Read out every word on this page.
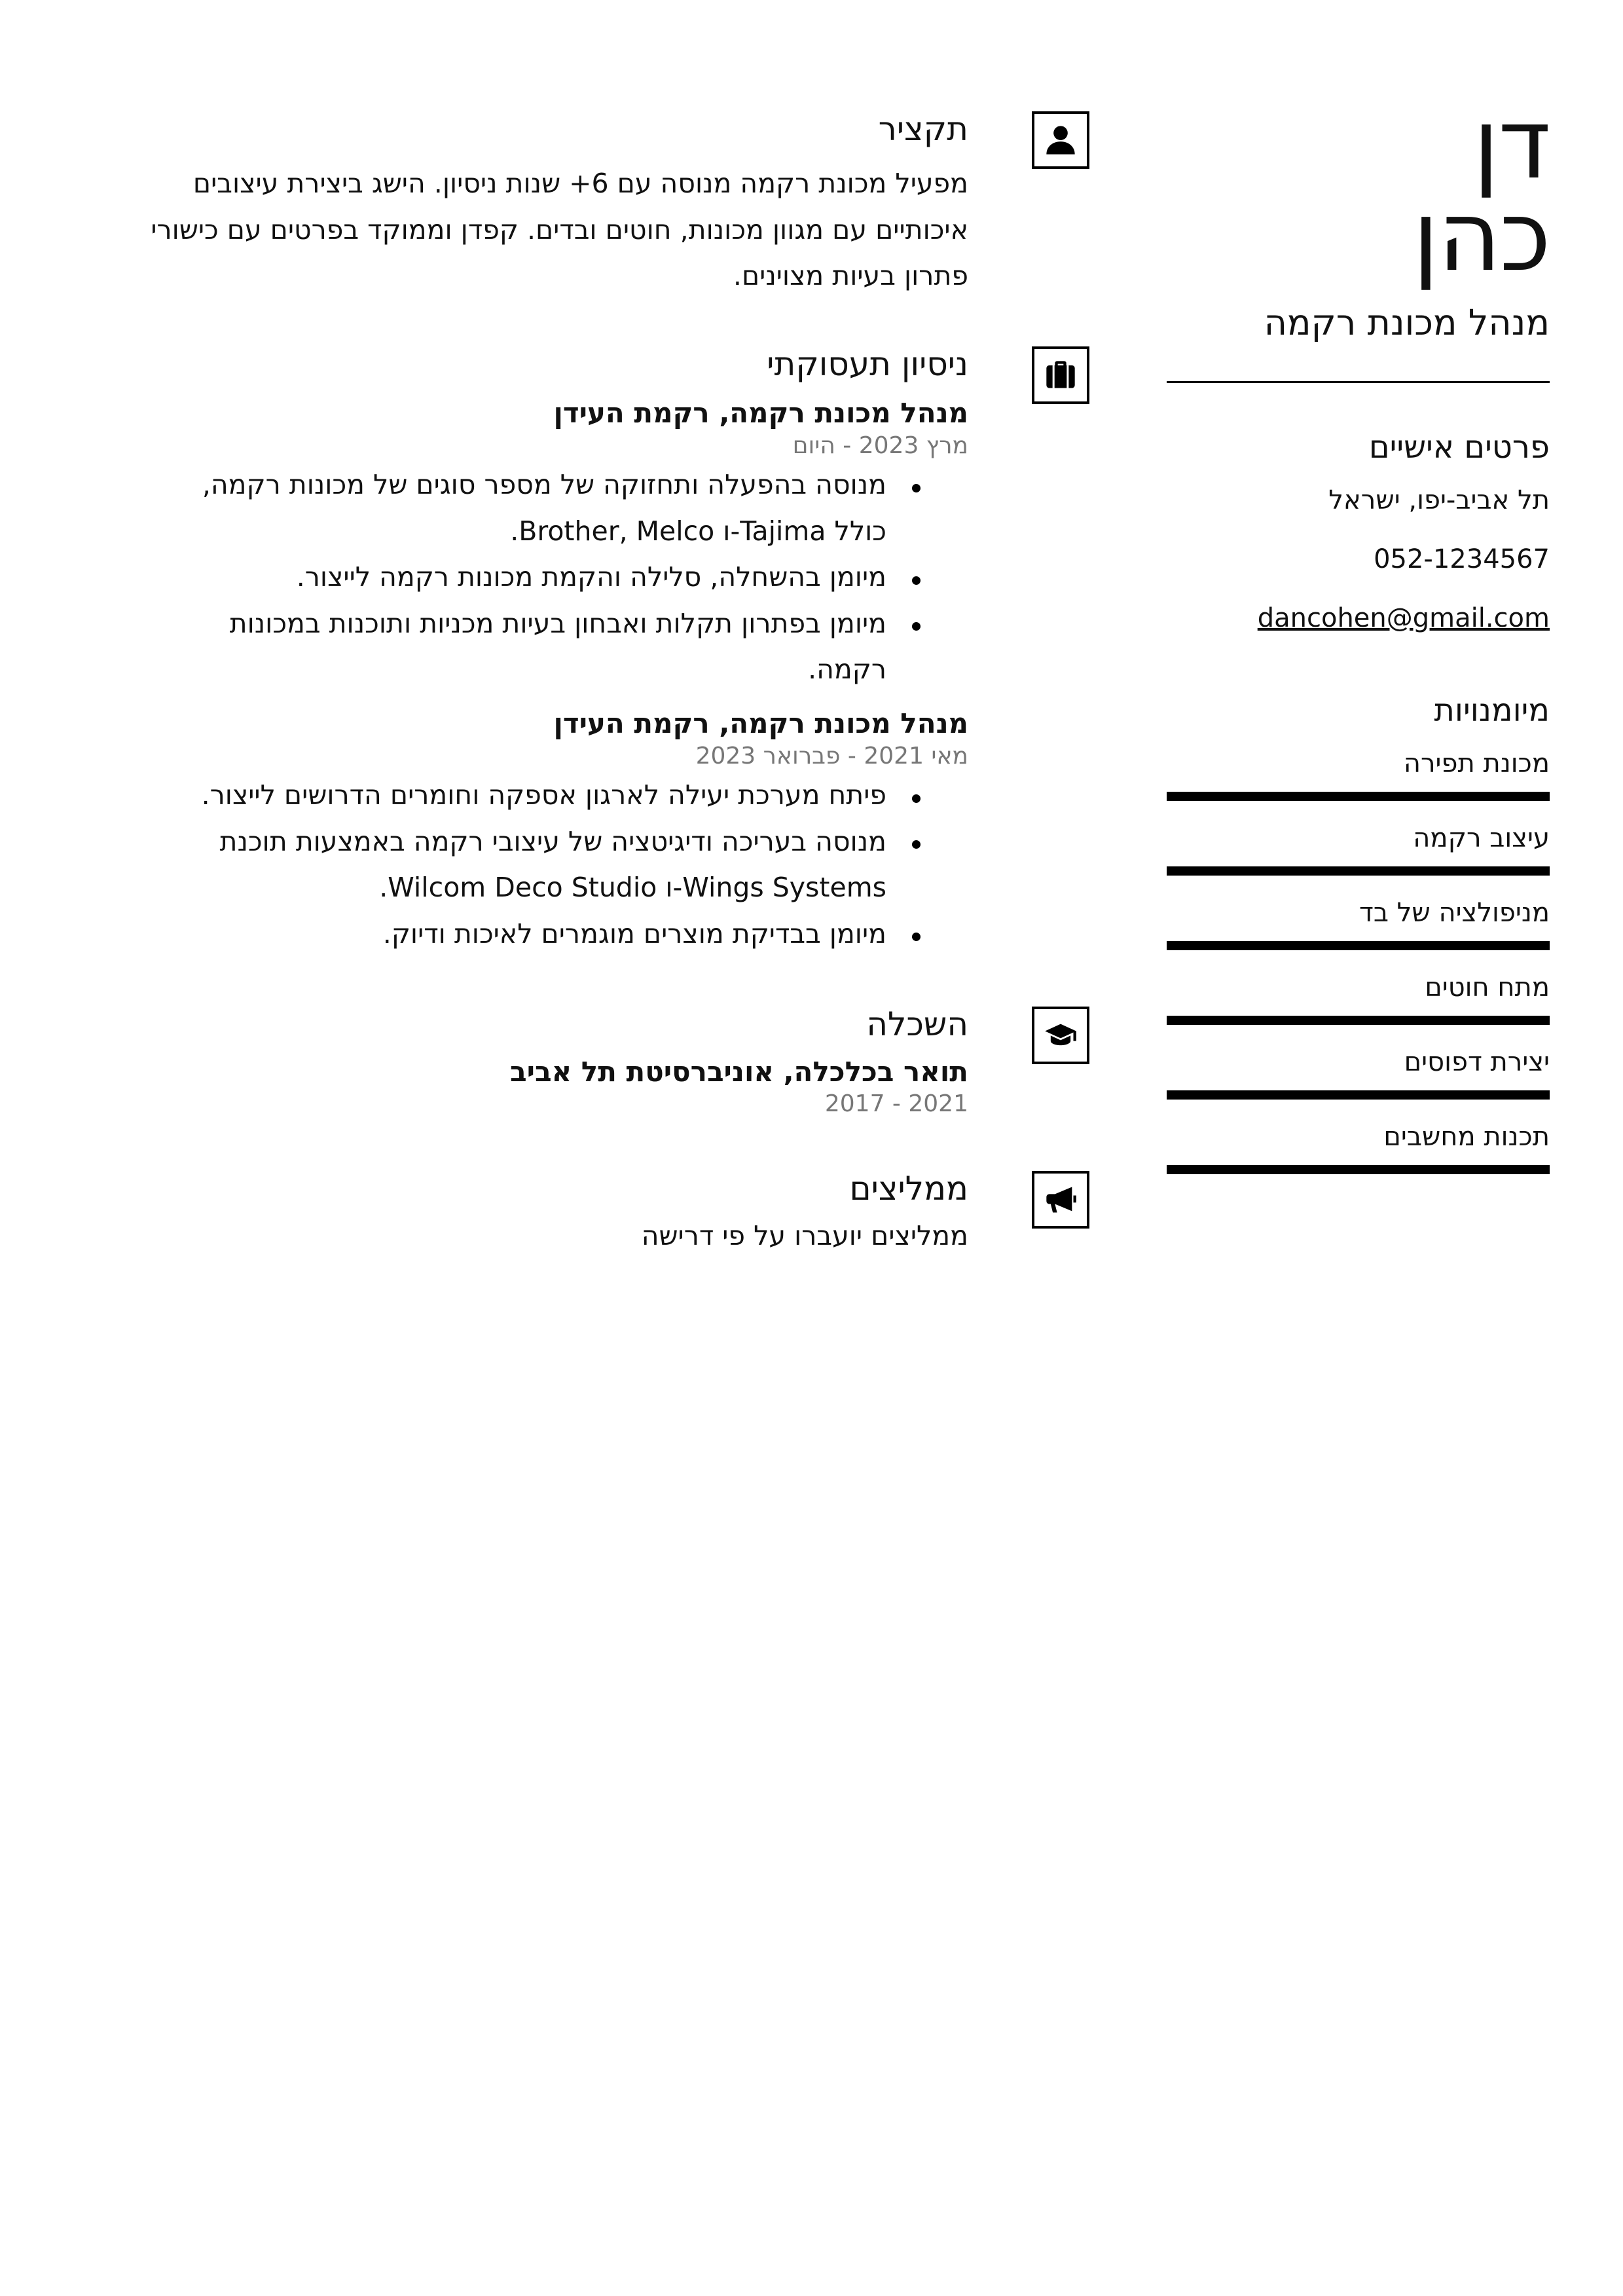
דן
כהן
מנהל מכונת רקמה
פרטים אישיים
תל אביב-יפו, ישראל
052-1234567
dancohen@gmail.com
מיומנויות
מכונת תפירה
עיצוב רקמה
מניפולציה של בד
מתח חוטים
יצירת דפוסים
תכנות מחשבים
תקציר

מפעיל מכונת רקמה מנוסה עם 6+ שנות ניסיון. הישג ביצירת עיצובים איכותיים עם מגוון מכונות, חוטים ובדים. קפדן וממוקד בפרטים עם כישורי פתרון בעיות מצוינים.

ניסיון תעסוקתי
מנהל מכונת רקמה, רקמת העידן
מרץ 2023 - היום
מנוסה בהפעלה ותחזוקה של מספר סוגים של מכונות רקמה, כולל Tajima-ו Brother, Melco.
מיומן בהשחלה, סלילה והקמת מכונות רקמה לייצור.
מיומן בפתרון תקלות ואבחון בעיות מכניות ותוכנות במכונות רקמה.
מנהל מכונת רקמה, רקמת העידן
מאי 2021 - פברואר 2023
פיתח מערכת יעילה לארגון אספקה וחומרים הדרושים לייצור.
מנוסה בעריכה ודיגיטציה של עיצובי רקמה באמצעות תוכנת Wings Systems-ו Wilcom Deco Studio.
מיומן בבדיקת מוצרים מוגמרים לאיכות ודיוק.
השכלה
תואר בכלכלה, אוניברסיטת תל אביב
2021 - 2017
ממליצים

ממליצים יועברו על פי דרישה
